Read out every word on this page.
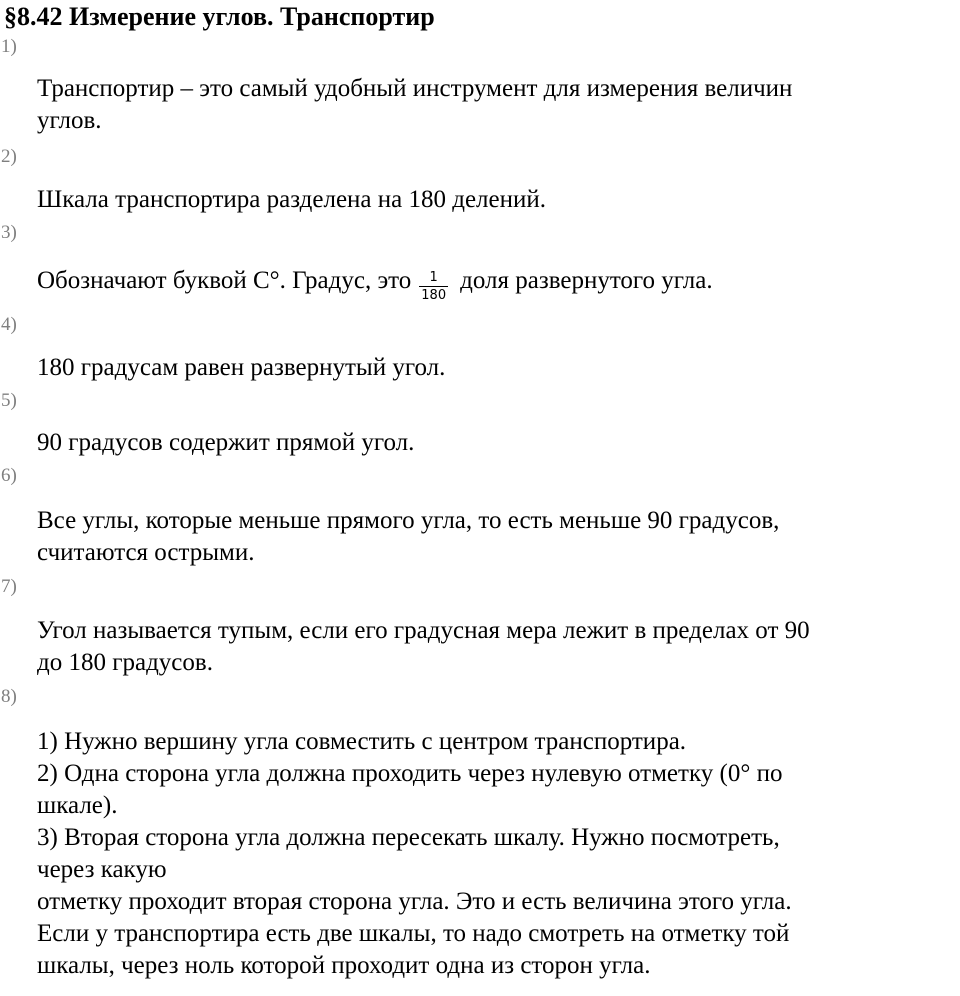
§8.42 Измерение углов. Транспортир
1)
Транспортир – это самый удобный инструмент для измерения величин
углов.
2)
Шкала транспортира разделена на 180 делений.
3)
Обозначают буквой С°. Градус, это $\frac{1}{180}$ доля развернутого угла.
4)
180 градусам равен развернутый угол.
5)
90 градусов содержит прямой угол.
6)
Все углы, которые меньше прямого угла, то есть меньше 90 градусов,
считаются острыми.
7)
Угол называется тупым, если его градусная мера лежит в пределах от 90
до 180 градусов.
8)
1) Нужно вершину угла совместить с центром транспортира.
2) Одна сторона угла должна проходить через нулевую отметку (0° по
шкале).
3) Вторая сторона угла должна пересекать шкалу. Нужно посмотреть,
через какую
отметку проходит вторая сторона угла. Это и есть величина этого угла.
Если у транспортира есть две шкалы, то надо смотреть на отметку той
шкалы, через ноль которой проходит одна из сторон угла.
